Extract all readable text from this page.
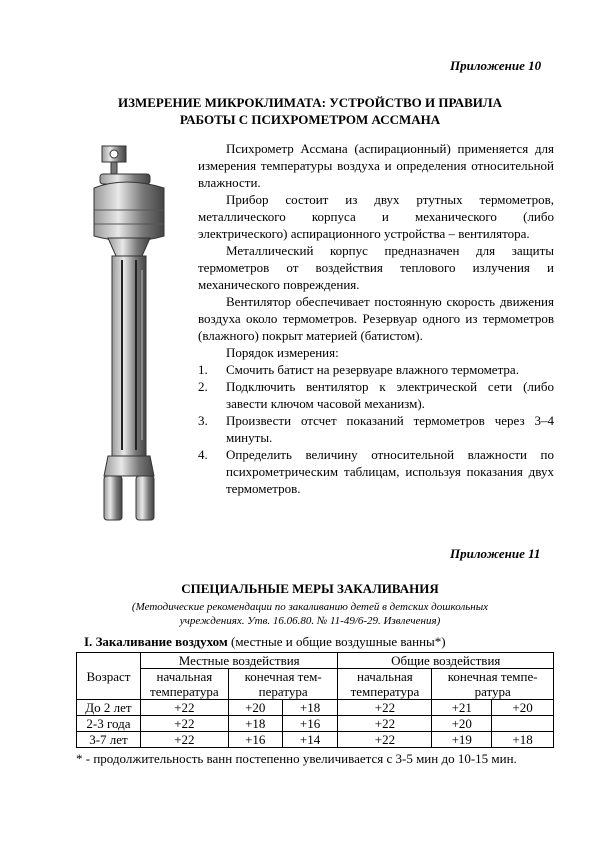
Приложение 10
ИЗМЕРЕНИЕ МИКРОКЛИМАТА: УСТРОЙСТВО И ПРАВИЛА
РАБОТЫ С ПСИХРОМЕТРОМ АССМАНА
Психрометр Ассмана (аспирационный) применяется для измерения температуры воздуха и определения относительной влажности.
Прибор состоит из двух ртутных термометров, металлического корпуса и механического (либо электрического) аспирационного устройства – вентилятора.
Металлический корпус предназначен для защиты термометров от воздействия теплового излучения и механического повреждения.
Вентилятор обеспечивает постоянную скорость движения воздуха около термометров. Резервуар одного из термометров (влажного) покрыт материей (батистом).
Порядок измерения:
1.	Смочить батист на резервуаре влажного термометра.
2.	Подключить вентилятор к электрической сети (либо завести ключом часовой механизм).
3.	Произвести отсчет показаний термометров через 3–4 минуты.
4.	Определить величину относительной влажности по психрометрическим таблицам, используя показания двух термометров.
Приложение 11
СПЕЦИАЛЬНЫЕ МЕРЫ ЗАКАЛИВАНИЯ
(Методические рекомендации по закаливанию детей в детских дошкольных
учреждениях. Утв. 16.06.80. № 11-49/6-29. Извлечения)
I. Закаливание воздухом (местные и общие воздушные ванны*)
Возраст	Местные воздействия			Общие воздействия		
	начальная	конечная тем-		начальная	конечная темпе-	
	температура	пература		температура	ратура	
До 2 лет	+22	+20	+18	+22	+21	+20
2-3 года	+22	+18	+16	+22	+20	
3-7 лет	+22	+16	+14	+22	+19	+18
* - продолжительность ванн постепенно увеличивается с 3-5 мин до 10-15 мин.
